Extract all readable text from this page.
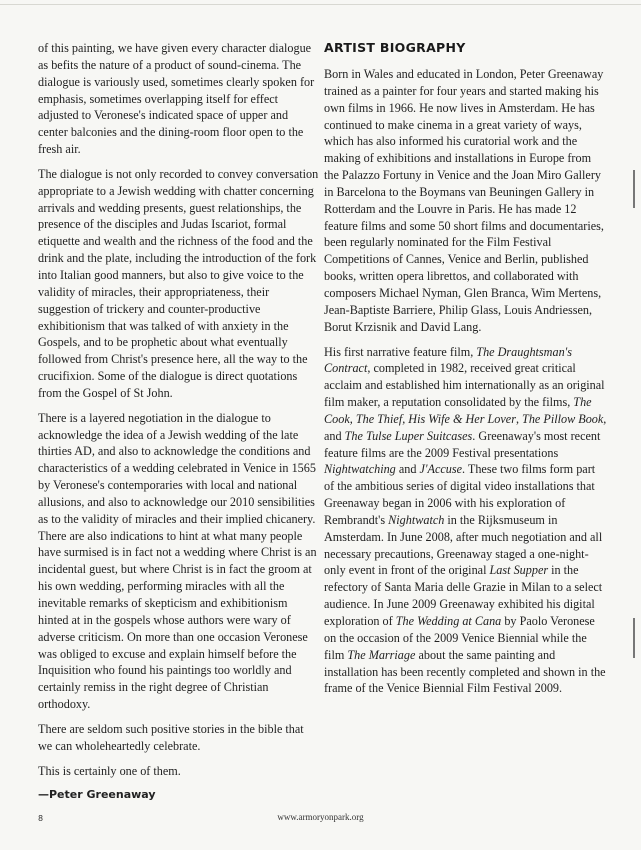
of this painting, we have given every character dialogue as befits the nature of a product of sound-cinema. The dialogue is variously used, sometimes clearly spoken for emphasis, sometimes overlapping itself for effect adjusted to Veronese's indicated space of upper and center balconies and the dining-room floor open to the fresh air.

The dialogue is not only recorded to convey conversation appropriate to a Jewish wedding with chatter concerning arrivals and wedding presents, guest relationships, the presence of the disciples and Judas Iscariot, formal etiquette and wealth and the richness of the food and the drink and the plate, including the introduction of the fork into Italian good manners, but also to give voice to the validity of miracles, their appropriateness, their suggestion of trickery and counter-productive exhibitionism that was talked of with anxiety in the Gospels, and to be prophetic about what eventually followed from Christ's presence here, all the way to the crucifixion. Some of the dialogue is direct quotations from the Gospel of St John.

There is a layered negotiation in the dialogue to acknowledge the idea of a Jewish wedding of the late thirties AD, and also to acknowledge the conditions and characteristics of a wedding celebrated in Venice in 1565 by Veronese's contemporaries with local and national allusions, and also to acknowledge our 2010 sensibilities as to the validity of miracles and their implied chicanery. There are also indications to hint at what many people have surmised is in fact not a wedding where Christ is an incidental guest, but where Christ is in fact the groom at his own wedding, performing miracles with all the inevitable remarks of skepticism and exhibitionism hinted at in the gospels whose authors were wary of adverse criticism. On more than one occasion Veronese was obliged to excuse and explain himself before the Inquisition who found his paintings too worldly and certainly remiss in the right degree of Christian orthodoxy.

There are seldom such positive stories in the bible that we can wholeheartedly celebrate.

This is certainly one of them.

—Peter Greenaway
ARTIST BIOGRAPHY

Born in Wales and educated in London, Peter Greenaway trained as a painter for four years and started making his own films in 1966. He now lives in Amsterdam. He has continued to make cinema in a great variety of ways, which has also informed his curatorial work and the making of exhibitions and installations in Europe from the Palazzo Fortuny in Venice and the Joan Miro Gallery in Barcelona to the Boymans van Beuningen Gallery in Rotterdam and the Louvre in Paris. He has made 12 feature films and some 50 short films and documentaries, been regularly nominated for the Film Festival Competitions of Cannes, Venice and Berlin, published books, written opera librettos, and collaborated with composers Michael Nyman, Glen Branca, Wim Mertens, Jean-Baptiste Barriere, Philip Glass, Louis Andriessen, Borut Krzisnik and David Lang.

His first narrative feature film, The Draughtsman's Contract, completed in 1982, received great critical acclaim and established him internationally as an original film maker, a reputation consolidated by the films, The Cook, The Thief, His Wife & Her Lover, The Pillow Book, and The Tulse Luper Suitcases. Greenaway's most recent feature films are the 2009 Festival presentations Nightwatching and J'Accuse. These two films form part of the ambitious series of digital video installations that Greenaway began in 2006 with his exploration of Rembrandt's Nightwatch in the Rijksmuseum in Amsterdam. In June 2008, after much negotiation and all necessary precautions, Greenaway staged a one-night-only event in front of the original Last Supper in the refectory of Santa Maria delle Grazie in Milan to a select audience. In June 2009 Greenaway exhibited his digital exploration of The Wedding at Cana by Paolo Veronese on the occasion of the 2009 Venice Biennial while the film The Marriage about the same painting and installation has been recently completed and shown in the frame of the Venice Biennial Film Festival 2009.

8	www.armoryonpark.org
